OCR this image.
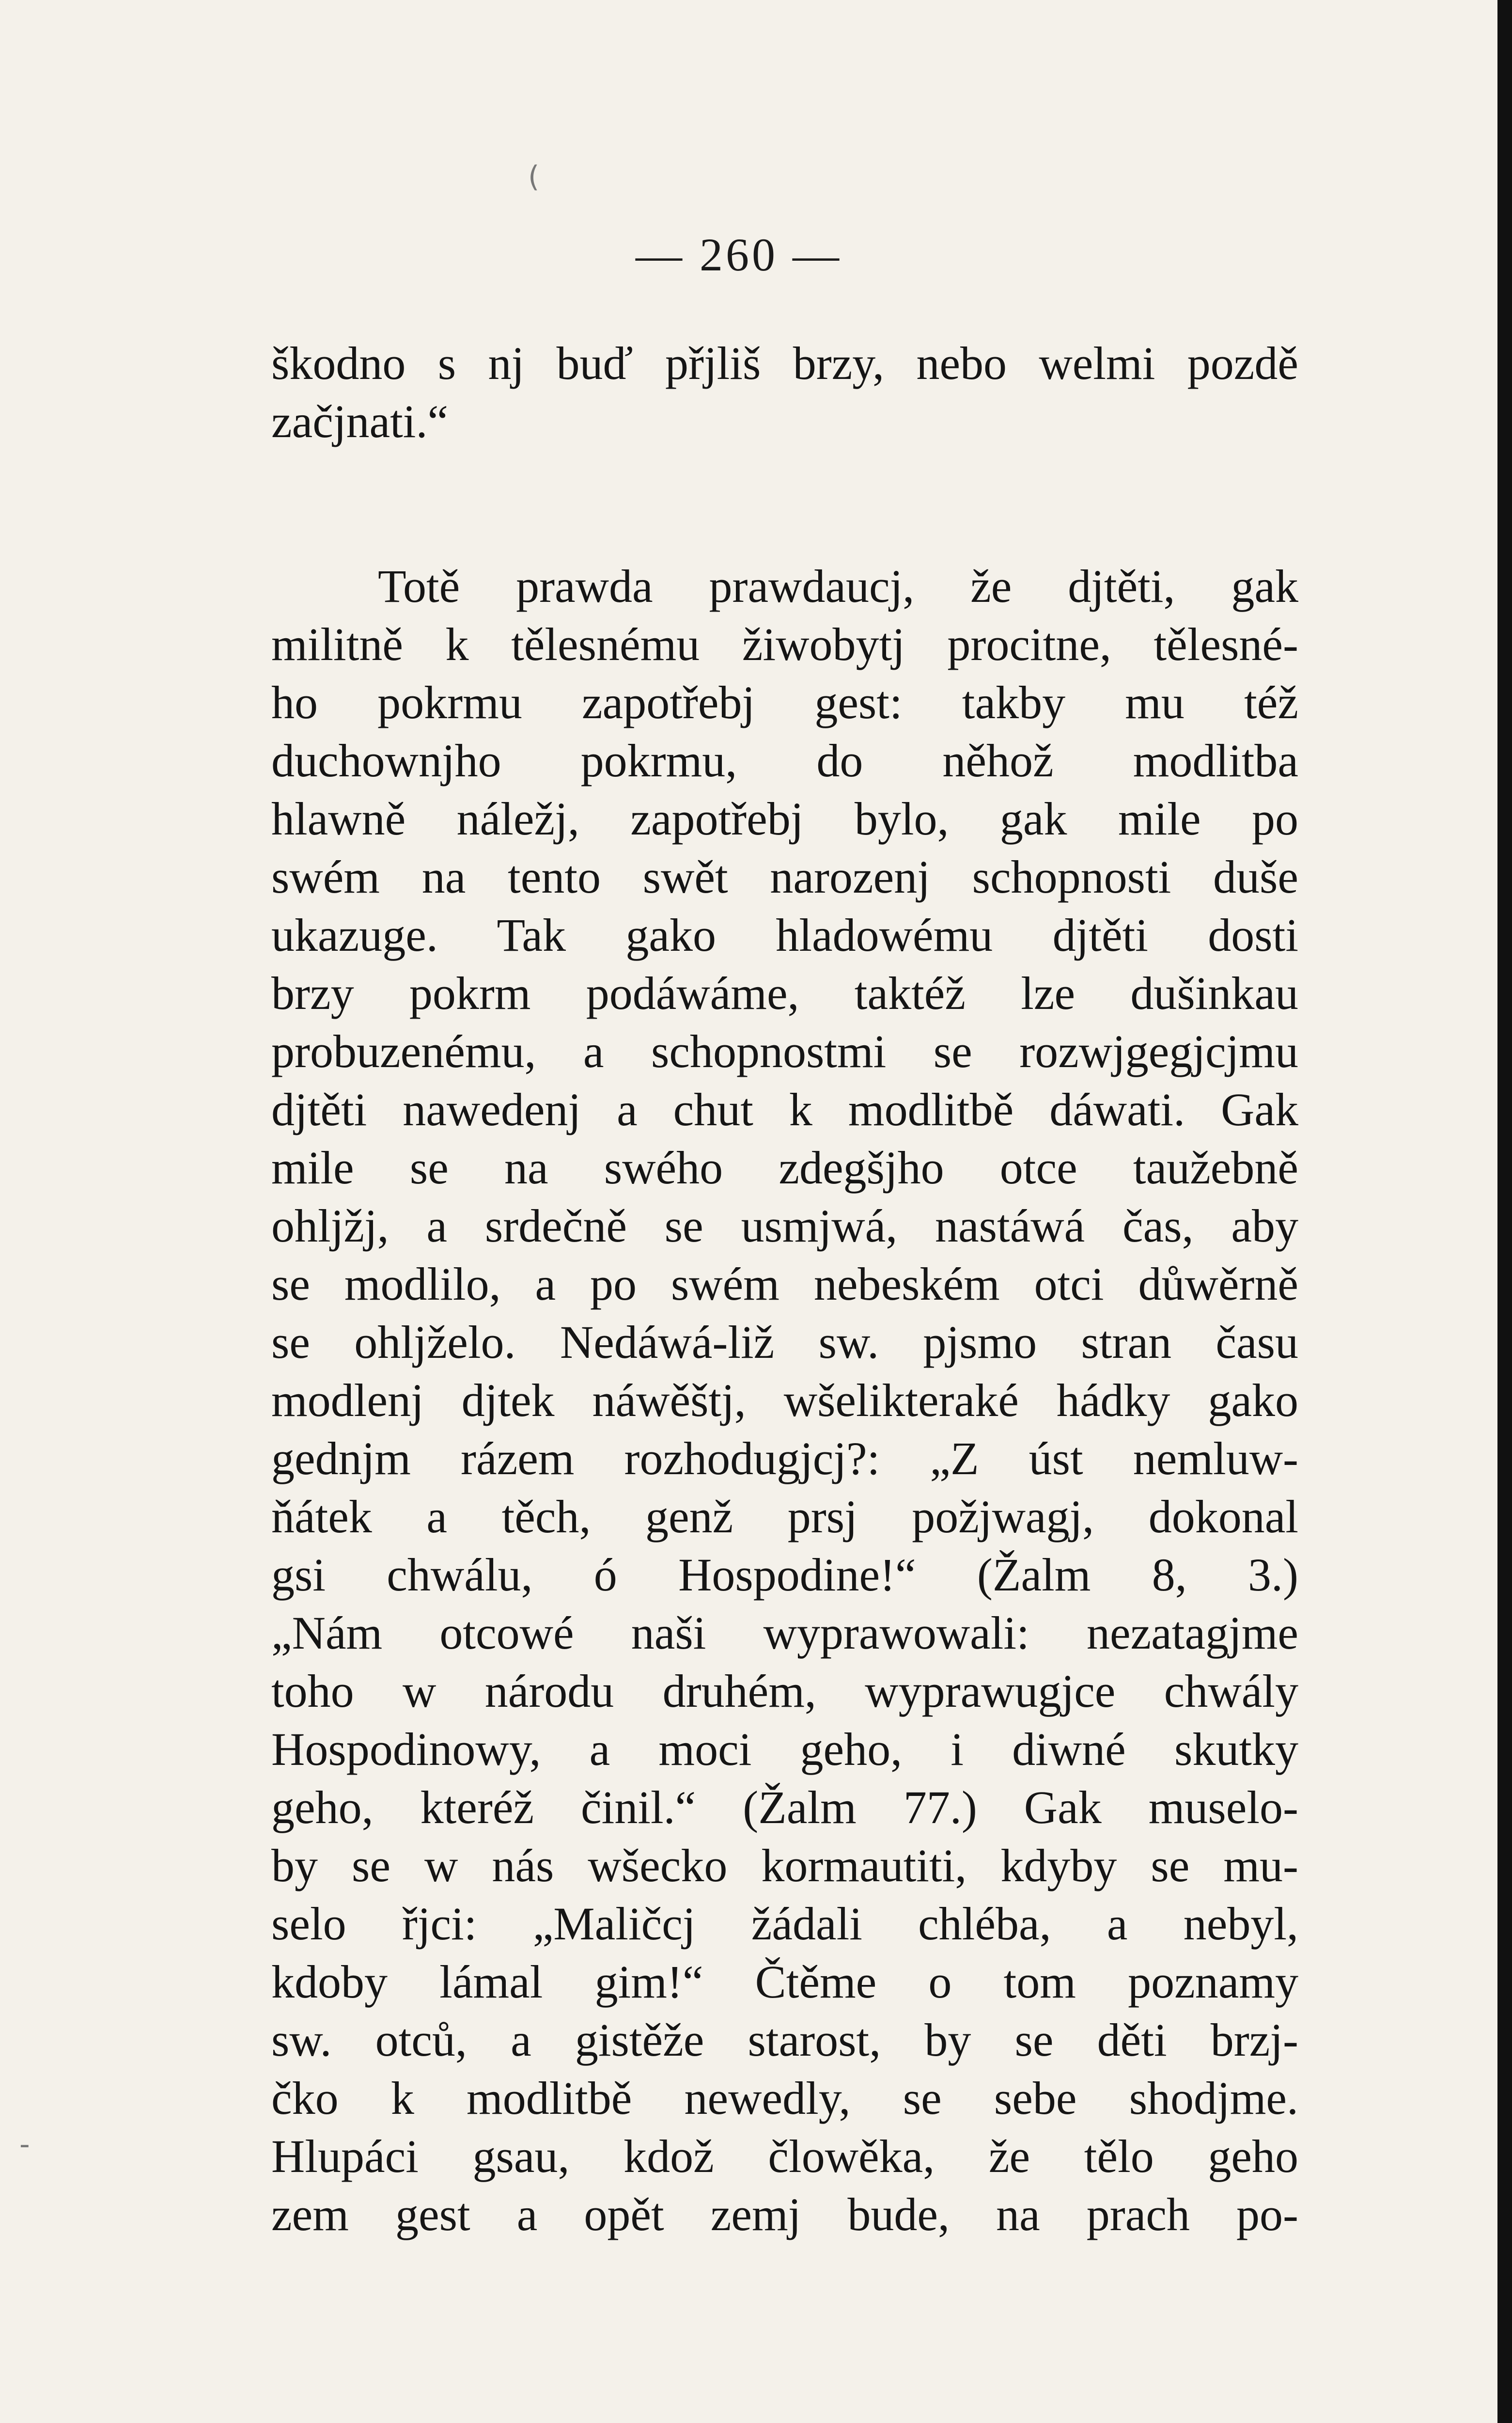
(
-
— 260 —
škodno s nj buď přjliš brzy, nebo welmi pozdě
začjnati.“
Totě prawda prawdaucj, že djtěti, gak
militně k tělesnému žiwobytj procitne, tělesné-
ho pokrmu zapotřebj gest: takby mu též
duchownjho pokrmu, do něhož modlitba
hlawně náležj, zapotřebj bylo, gak mile po
swém na tento swět narozenj schopnosti duše
ukazuge. Tak gako hladowému djtěti dosti
brzy pokrm podáwáme, taktéž lze dušinkau
probuzenému, a schopnostmi se rozwjgegjcjmu
djtěti nawedenj a chut k modlitbě dáwati. Gak
mile se na swého zdegšjho otce taužebně
ohljžj, a srdečně se usmjwá, nastáwá čas, aby
se modlilo, a po swém nebeském otci důwěrně
se ohljželo. Nedáwá-liž sw. pjsmo stran času
modlenj djtek náwěštj, wšelikteraké hádky gako
gednjm rázem rozhodugjcj?: „Z úst nemluw-
ňátek a těch, genž prsj požjwagj, dokonal
gsi chwálu, ó Hospodine!“ (Žalm 8, 3.)
„Nám otcowé naši wyprawowali: nezatagjme
toho w národu druhém, wyprawugjce chwály
Hospodinowy, a moci geho, i diwné skutky
geho, kteréž činil.“ (Žalm 77.) Gak muselo-
by se w nás wšecko kormautiti, kdyby se mu-
selo řjci: „Maličcj žádali chléba, a nebyl,
kdoby lámal gim!“ Čtěme o tom poznamy
sw. otců, a gistěže starost, by se děti brzj-
čko k modlitbě newedly, se sebe shodjme.
Hlupáci gsau, kdož člowěka, že tělo geho
zem gest a opět zemj bude, na prach po-
